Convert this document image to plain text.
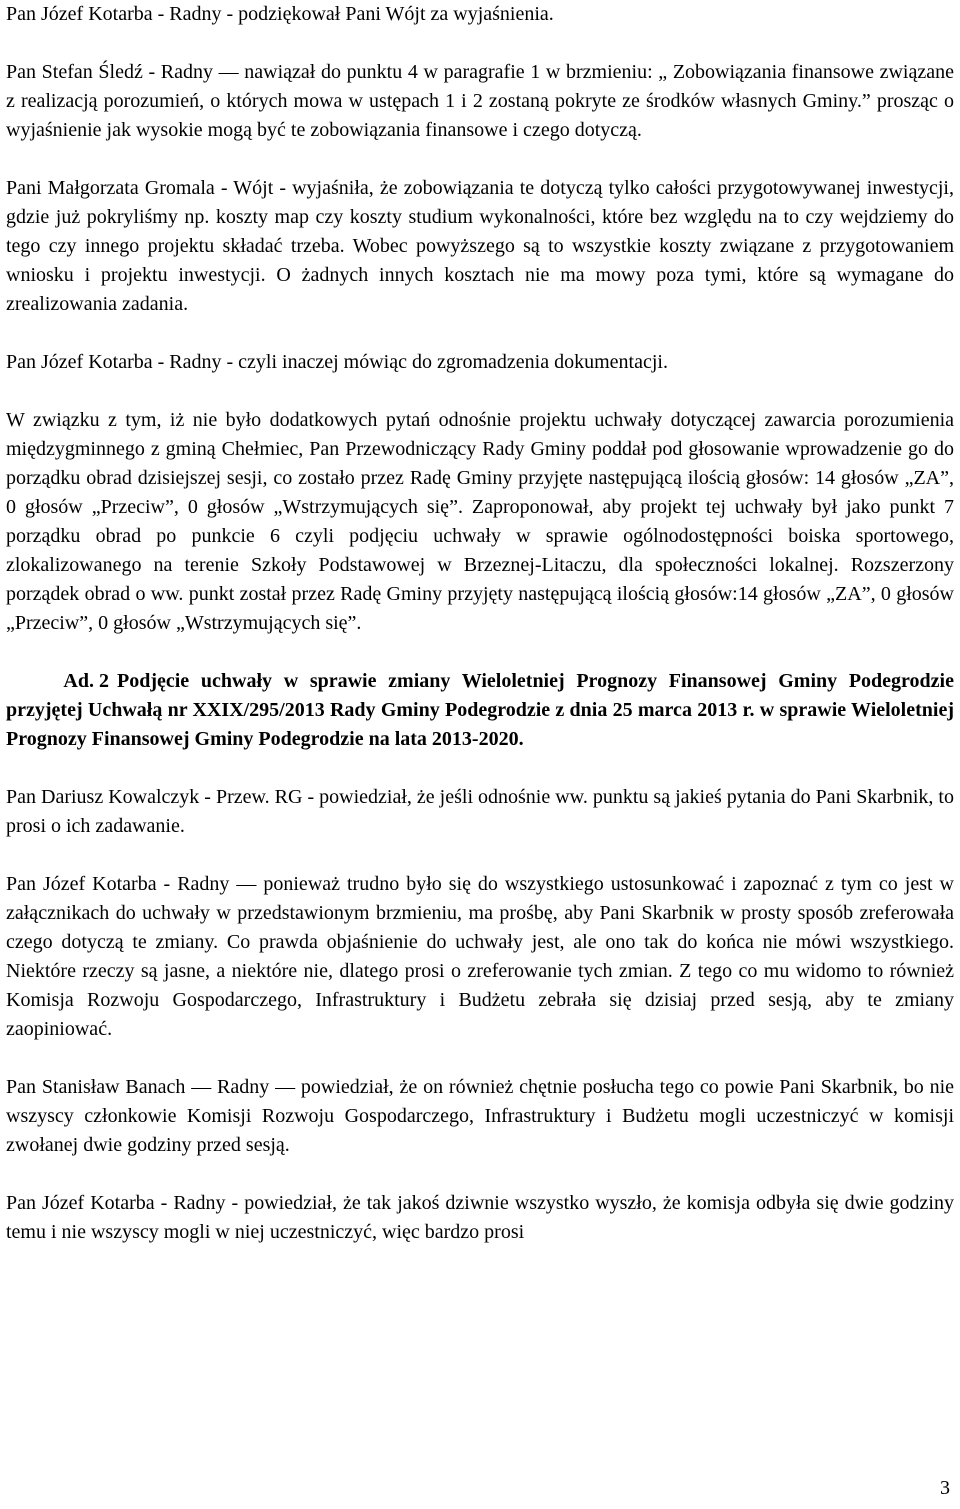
Pan Józef Kotarba - Radny - podziękował Pani Wójt za wyjaśnienia.

Pan Stefan Śledź - Radny — nawiązał do punktu 4 w paragrafie 1 w brzmieniu: „ Zobowiązania finansowe związane z realizacją porozumień, o których mowa w ustępach 1 i 2 zostaną pokryte ze środków własnych Gminy.” prosząc o wyjaśnienie jak wysokie mogą być te zobowiązania finansowe i czego dotyczą.

Pani Małgorzata Gromala - Wójt - wyjaśniła, że zobowiązania te dotyczą tylko całości przygotowywanej inwestycji, gdzie już pokryliśmy np. koszty map czy koszty studium wykonalności, które bez względu na to czy wejdziemy do tego czy innego projektu składać trzeba. Wobec powyższego są to wszystkie koszty związane z przygotowaniem wniosku i projektu inwestycji. O żadnych innych kosztach nie ma mowy poza tymi, które są wymagane do zrealizowania zadania.

Pan Józef Kotarba - Radny - czyli inaczej mówiąc do zgromadzenia dokumentacji.

W związku z tym, iż nie było dodatkowych pytań odnośnie projektu uchwały dotyczącej zawarcia porozumienia międzygminnego z gminą Chełmiec, Pan Przewodniczący Rady Gminy poddał pod głosowanie wprowadzenie go do porządku obrad dzisiejszej sesji, co zostało przez Radę Gminy przyjęte następującą ilością głosów: 14 głosów „ZA”, 0 głosów „Przeciw”, 0 głosów „Wstrzymujących się”. Zaproponował, aby projekt tej uchwały był jako punkt 7 porządku obrad po punkcie 6 czyli podjęciu uchwały w sprawie ogólnodostępności boiska sportowego, zlokalizowanego na terenie Szkoły Podstawowej w Brzeznej-Litaczu, dla społeczności lokalnej. Rozszerzony porządek obrad o ww. punkt został przez Radę Gminy przyjęty następującą ilością głosów:14 głosów „ZA”, 0 głosów „Przeciw”, 0 głosów „Wstrzymujących się”.

Ad. 2 Podjęcie uchwały w sprawie zmiany Wieloletniej Prognozy Finansowej Gminy Podegrodzie przyjętej Uchwałą nr XXIX/295/2013 Rady Gminy Podegrodzie z dnia 25 marca 2013 r. w sprawie Wieloletniej Prognozy Finansowej Gminy Podegrodzie na lata 2013-2020.

Pan Dariusz Kowalczyk - Przew. RG - powiedział, że jeśli odnośnie ww. punktu są jakieś pytania do Pani Skarbnik, to prosi o ich zadawanie.

Pan Józef Kotarba - Radny — ponieważ trudno było się do wszystkiego ustosunkować i zapoznać z tym co jest w załącznikach do uchwały w przedstawionym brzmieniu, ma prośbę, aby Pani Skarbnik w prosty sposób zreferowała czego dotyczą te zmiany. Co prawda objaśnienie do uchwały jest, ale ono tak do końca nie mówi wszystkiego. Niektóre rzeczy są jasne, a niektóre nie, dlatego prosi o zreferowanie tych zmian. Z tego co mu widomo to również Komisja Rozwoju Gospodarczego, Infrastruktury i Budżetu zebrała się dzisiaj przed sesją, aby te zmiany zaopiniować.

Pan Stanisław Banach — Radny — powiedział, że on również chętnie posłucha tego co powie Pani Skarbnik, bo nie wszyscy członkowie Komisji Rozwoju Gospodarczego, Infrastruktury i Budżetu mogli uczestniczyć w komisji zwołanej dwie godziny przed sesją.

Pan Józef Kotarba - Radny - powiedział, że tak jakoś dziwnie wszystko wyszło, że komisja odbyła się dwie godziny temu i nie wszyscy mogli w niej uczestniczyć, więc bardzo prosi

3
